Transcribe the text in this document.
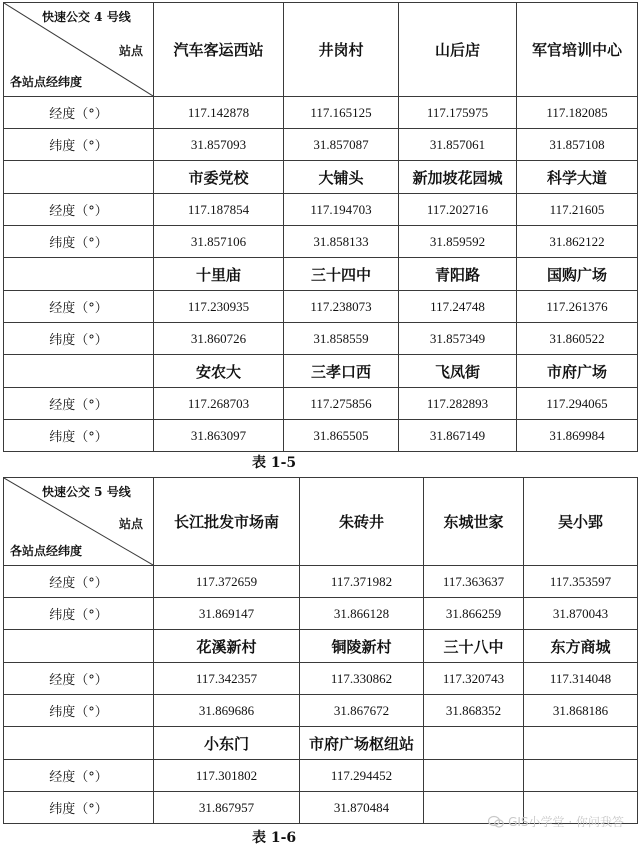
快速公交 4 号线
站点
各站点经纬度	汽车客运西站	井岗村	山后店	军官培训中心
经度（°）	117.142878	117.165125	117.175975	117.182085
纬度（°）	31.857093	31.857087	31.857061	31.857108
	市委党校	大铺头	新加坡花园城	科学大道
经度（°）	117.187854	117.194703	117.202716	117.21605
纬度（°）	31.857106	31.858133	31.859592	31.862122
	十里庙	三十四中	青阳路	国购广场
经度（°）	117.230935	117.238073	117.24748	117.261376
纬度（°）	31.860726	31.858559	31.857349	31.860522
	安农大	三孝口西	飞凤街	市府广场
经度（°）	117.268703	117.275856	117.282893	117.294065
纬度（°）	31.863097	31.865505	31.867149	31.869984
表 1-5
快速公交 5 号线
站点
各站点经纬度	长江批发市场南	朱砖井	东城世家	吴小郢
经度（°）	117.372659	117.371982	117.363637	117.353597
纬度（°）	31.869147	31.866128	31.866259	31.870043
	花溪新村	铜陵新村	三十八中	东方商城
经度（°）	117.342357	117.330862	117.320743	117.314048
纬度（°）	31.869686	31.867672	31.868352	31.868186
	小东门	市府广场枢纽站		
经度（°）	117.301802	117.294452		
纬度（°）	31.867957	31.870484		
表 1-6
GIS小学堂 · 你问我答
